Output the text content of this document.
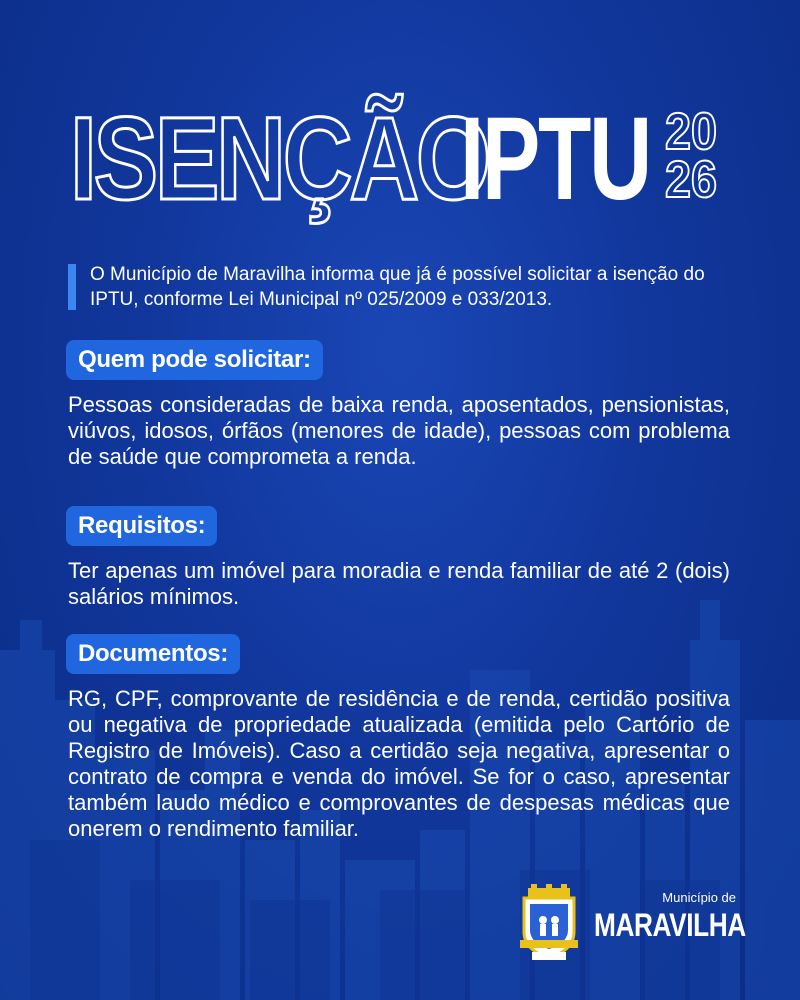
ISENÇÃO
IPTU 20
26

O Município de Maravilha informa que já é possível solicitar a isenção do IPTU, conforme Lei Municipal nº 025/2009 e 033/2013.

Quem pode solicitar:

Pessoas consideradas de baixa renda, aposentados, pensionistas, viúvos, idosos, órfãos (menores de idade), pessoas com problema de saúde que comprometa a renda.

Requisitos:

Ter apenas um imóvel para moradia e renda familiar de até 2 (dois) salários mínimos.

Documentos:

RG, CPF, comprovante de residência e de renda, certidão positiva ou negativa de propriedade atualizada (emitida pelo Cartório de Registro de Imóveis). Caso a certidão seja negativa, apresentar o contrato de compra e venda do imóvel. Se for o caso, apresentar também laudo médico e comprovantes de despesas médicas que onerem o rendimento familiar.

Município de
MARAVILHA
